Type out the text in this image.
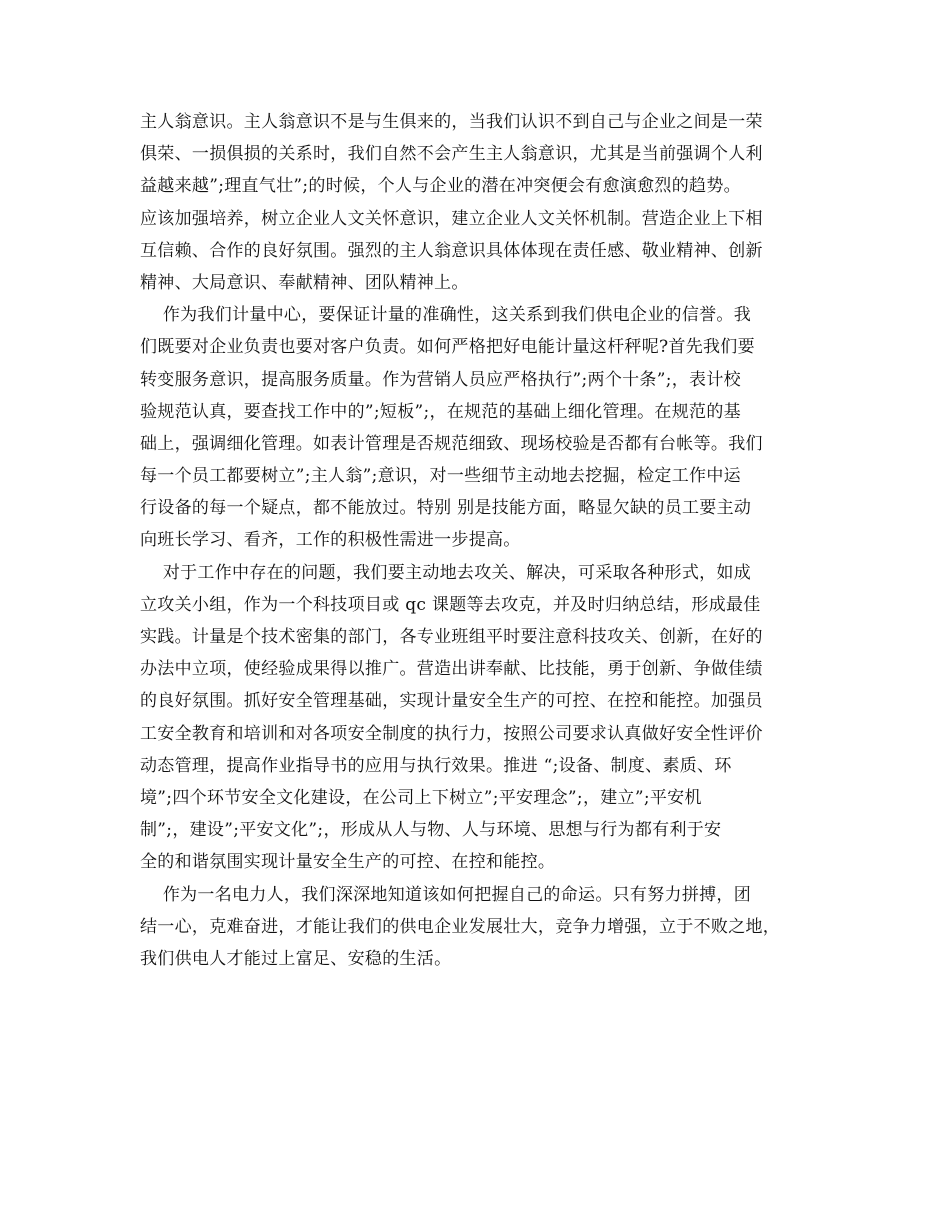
主人翁意识。主人翁意识不是与生俱来的，当我们认识不到自己与企业之间是一荣
俱荣、一损俱损的关系时，我们自然不会产生主人翁意识，尤其是当前强调个人利
益越来越”;理直气壮”;的时候，个人与企业的潜在冲突便会有愈演愈烈的趋势。
应该加强培养，树立企业人文关怀意识，建立企业人文关怀机制。营造企业上下相
互信赖、合作的良好氛围。强烈的主人翁意识具体体现在责任感、敬业精神、创新
精神、大局意识、奉献精神、团队精神上。
作为我们计量中心，要保证计量的准确性，这关系到我们供电企业的信誉。我
们既要对企业负责也要对客户负责。如何严格把好电能计量这杆秤呢?首先我们要
转变服务意识，提高服务质量。作为营销人员应严格执行”;两个十条”;，表计校
验规范认真，要查找工作中的”;短板”;，在规范的基础上细化管理。在规范的基
础上，强调细化管理。如表计管理是否规范细致、现场校验是否都有台帐等。我们
每一个员工都要树立”;主人翁”;意识，对一些细节主动地去挖掘，检定工作中运
行设备的每一个疑点，都不能放过。特别 别是技能方面，略显欠缺的员工要主动
向班长学习、看齐，工作的积极性需进一步提高。
对于工作中存在的问题，我们要主动地去攻关、解决，可采取各种形式，如成
立攻关小组，作为一个科技项目或 qc 课题等去攻克，并及时归纳总结，形成最佳
实践。计量是个技术密集的部门，各专业班组平时要注意科技攻关、创新，在好的
办法中立项，使经验成果得以推广。营造出讲奉献、比技能，勇于创新、争做佳绩
的良好氛围。抓好安全管理基础，实现计量安全生产的可控、在控和能控。加强员
工安全教育和培训和对各项安全制度的执行力，按照公司要求认真做好安全性评价
动态管理，提高作业指导书的应用与执行效果。推进 “;设备、制度、素质、环
境”;四个环节安全文化建设，在公司上下树立”;平安理念”;，建立”;平安机
制”;，建设”;平安文化”;，形成从人与物、人与环境、思想与行为都有利于安
全的和谐氛围实现计量安全生产的可控、在控和能控。
作为一名电力人，我们深深地知道该如何把握自己的命运。只有努力拼搏，团
结一心，克难奋进，才能让我们的供电企业发展壮大，竞争力增强，立于不败之地，
我们供电人才能过上富足、安稳的生活。
